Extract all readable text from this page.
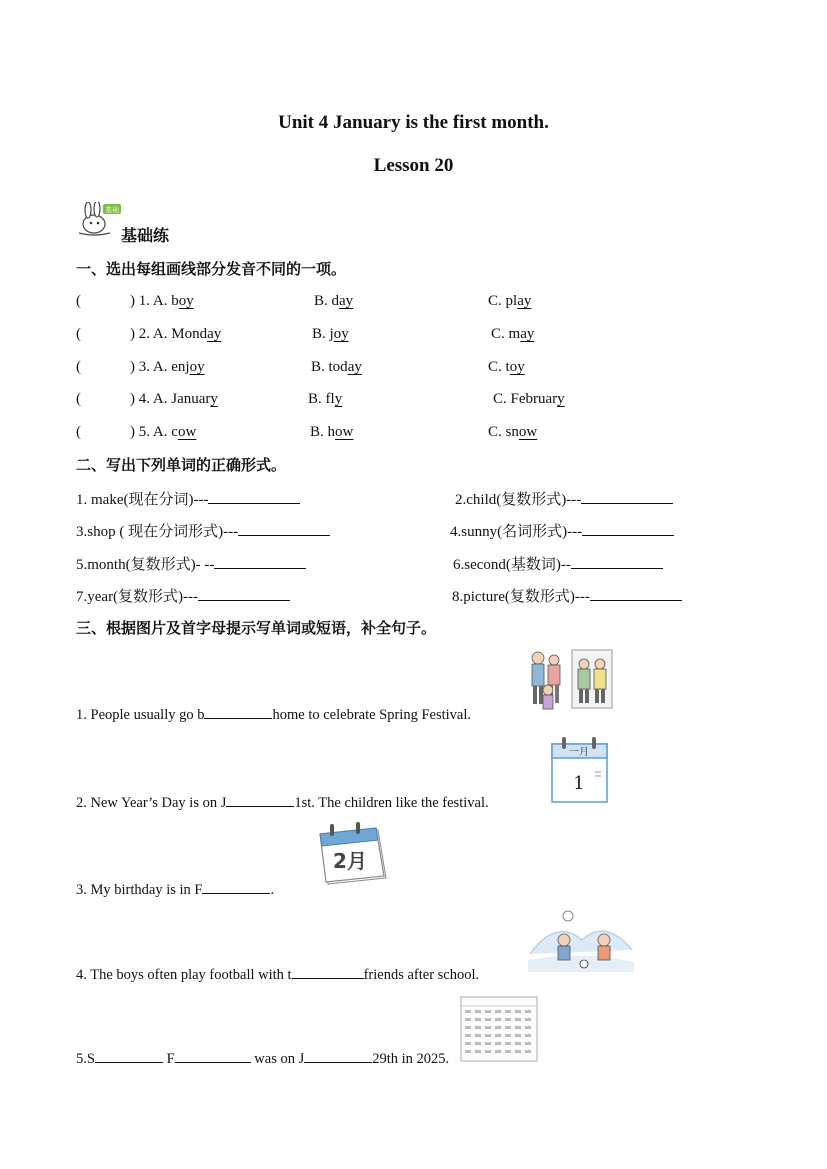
Unit 4 January is the first month.
Lesson 20
基础
基础练
一、选出每组画线部分发音不同的一项。
(	) 1. A. boy	B. day	C. play
(	) 2. A. Monday	B. joy	C. may
(	) 3. A. enjoy	B. today	C. toy
(	) 4. A. January	B. fly	C. February
(	) 5. A. cow	B. how	C. snow
二、写出下列单词的正确形式。
1. make(现在分词)---	2.child(复数形式)---
3.shop ( 现在分词形式)---	4.sunny(名词形式)---
5.month(复数形式)- --	6.second(基数词)--
7.year(复数形式)---	8.picture(复数形式)---
三、根据图片及首字母提示写单词或短语，补全句子。
一月
1
2月
1. People usually go b	home to celebrate Spring Festival.
2. New Year’s Day is on J	1st. The children like the festival.
3. My birthday is in F	.
4. The boys often play football with t	friends after school.
5.S	F	was on J	29th in 2025.
